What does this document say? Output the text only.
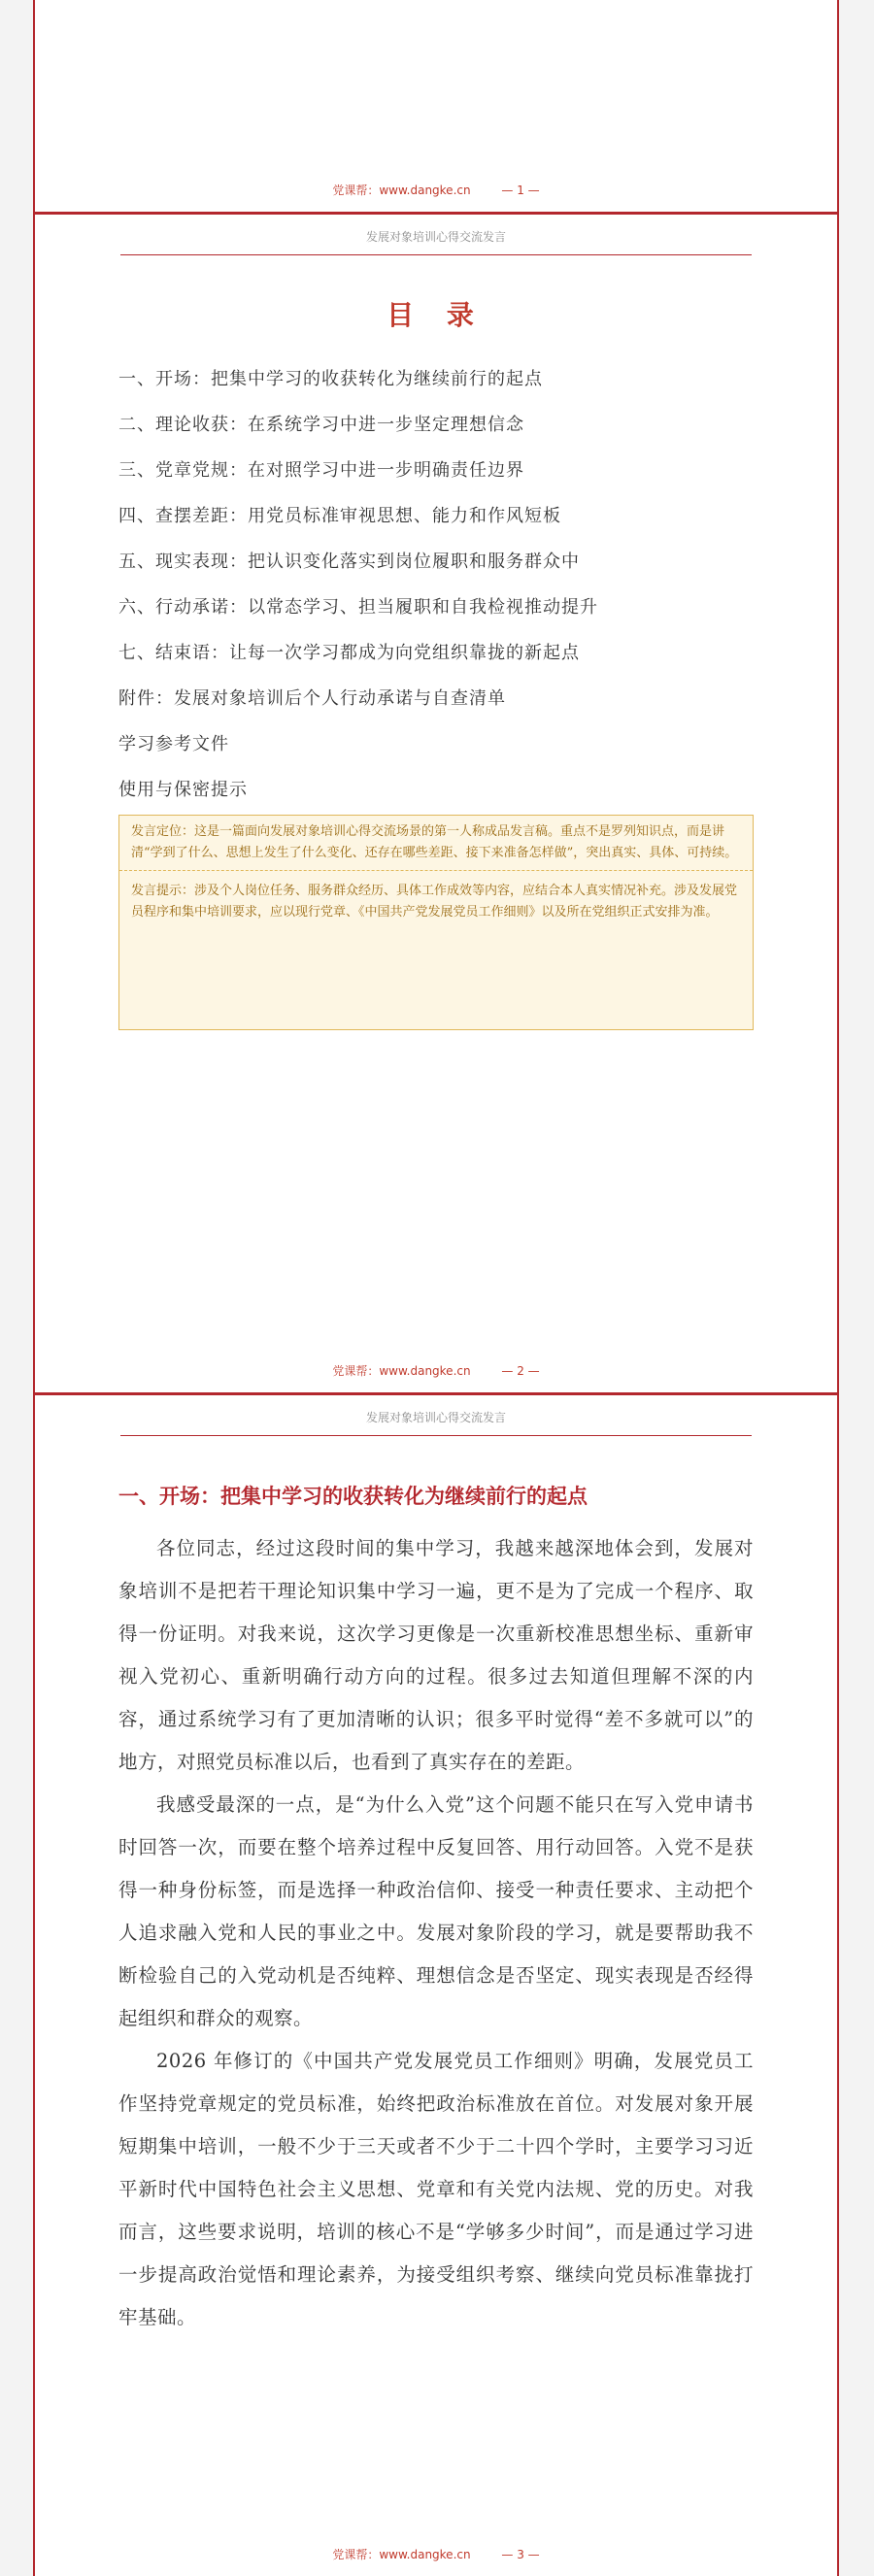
党课帮：www.dangke.cn	— 1 —
发展对象培训心得交流发言
目 录
一、开场：把集中学习的收获转化为继续前行的起点
二、理论收获：在系统学习中进一步坚定理想信念
三、党章党规：在对照学习中进一步明确责任边界
四、查摆差距：用党员标准审视思想、能力和作风短板
五、现实表现：把认识变化落实到岗位履职和服务群众中
六、行动承诺：以常态学习、担当履职和自我检视推动提升
七、结束语：让每一次学习都成为向党组织靠拢的新起点
附件：发展对象培训后个人行动承诺与自查清单
学习参考文件
使用与保密提示
发言定位：这是一篇面向发展对象培训心得交流场景的第一人称成品发言稿。重点不是罗列知识点，而是讲清“学到了什么、思想上发生了什么变化、还存在哪些差距、接下来准备怎样做”，突出真实、具体、可持续。
发言提示：涉及个人岗位任务、服务群众经历、具体工作成效等内容，应结合本人真实情况补充。涉及发展党员程序和集中培训要求，应以现行党章、《中国共产党发展党员工作细则》以及所在党组织正式安排为准。
党课帮：www.dangke.cn	— 2 —
发展对象培训心得交流发言
一、开场：把集中学习的收获转化为继续前行的起点

各位同志，经过这段时间的集中学习，我越来越深地体会到，发展对象培训不是把若干理论知识集中学习一遍，更不是为了完成一个程序、取得一份证明。对我来说，这次学习更像是一次重新校准思想坐标、重新审视入党初心、重新明确行动方向的过程。很多过去知道但理解不深的内容，通过系统学习有了更加清晰的认识；很多平时觉得“差不多就可以”的地方，对照党员标准以后，也看到了真实存在的差距。

我感受最深的一点，是“为什么入党”这个问题不能只在写入党申请书时回答一次，而要在整个培养过程中反复回答、用行动回答。入党不是获得一种身份标签，而是选择一种政治信仰、接受一种责任要求、主动把个人追求融入党和人民的事业之中。发展对象阶段的学习，就是要帮助我不断检验自己的入党动机是否纯粹、理想信念是否坚定、现实表现是否经得起组织和群众的观察。

2026 年修订的《中国共产党发展党员工作细则》明确，发展党员工作坚持党章规定的党员标准，始终把政治标准放在首位。对发展对象开展短期集中培训，一般不少于三天或者不少于二十四个学时，主要学习习近平新时代中国特色社会主义思想、党章和有关党内法规、党的历史。对我而言，这些要求说明，培训的核心不是“学够多少时间”，而是通过学习进一步提高政治觉悟和理论素养，为接受组织考察、继续向党员标准靠拢打牢基础。

党课帮：www.dangke.cn	— 3 —
